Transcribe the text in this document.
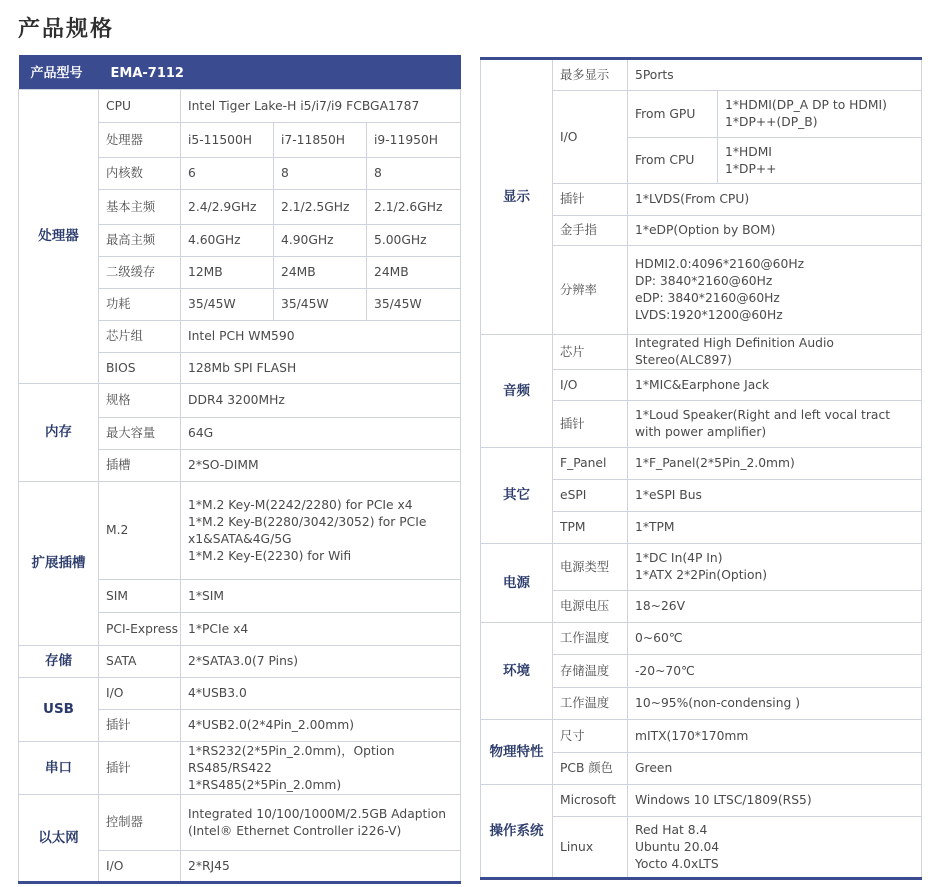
产品规格
产品型号	EMA-7112			
处理器	CPU	Intel Tiger Lake-H i5/i7/i9 FCBGA1787		
	处理器	i5-11500H	i7-11850H	i9-11950H
	内核数	6	8	8
	基本主频	2.4/2.9GHz	2.1/2.5GHz	2.1/2.6GHz
	最高主频	4.60GHz	4.90GHz	5.00GHz
	二级缓存	12MB	24MB	24MB
	功耗	35/45W	35/45W	35/45W
	芯片组	Intel PCH WM590		
	BIOS	128Mb SPI FLASH		
内存	规格	DDR4 3200MHz		
	最大容量	64G		
	插槽	2*SO-DIMM		
扩展插槽	M.2	1*M.2 Key-M(2242/2280) for PCIe x4
1*M.2 Key-B(2280/3042/3052) for PCIe x1&SATA&4G/5G
1*M.2 Key-E(2230) for Wifi		
	SIM	1*SIM		
	PCI-Express	1*PCIe x4		
存储	SATA	2*SATA3.0(7 Pins)		
USB	I/O	4*USB3.0		
	插针	4*USB2.0(2*4Pin_2.00mm)		
串口	插针	1*RS232(2*5Pin_2.0mm)，Option RS485/RS422
1*RS485(2*5Pin_2.0mm)		
以太网	控制器	Integrated 10/100/1000M/2.5GB Adaption
(Intel® Ethernet Controller i226-V)		
	I/O	2*RJ45		
显示	最多显示	5Ports	
	I/O	From GPU	1*HDMI(DP_A DP to HDMI)
1*DP++(DP_B)
		From CPU	1*HDMI
1*DP++
	插针	1*LVDS(From CPU)	
	金手指	1*eDP(Option by BOM)	
	分辨率	HDMI2.0:4096*2160@60Hz
DP: 3840*2160@60Hz
eDP: 3840*2160@60Hz
LVDS:1920*1200@60Hz	
音频	芯片	Integrated High Definition Audio Stereo(ALC897)	
	I/O	1*MIC&Earphone Jack	
	插针	1*Loud Speaker(Right and left vocal tract
with power amplifier)	
其它	F_Panel	1*F_Panel(2*5Pin_2.0mm)	
	eSPI	1*eSPI Bus	
	TPM	1*TPM	
电源	电源类型	1*DC In(4P In)
1*ATX 2*2Pin(Option)	
	电源电压	18~26V	
环境	工作温度	0~60℃	
	存储温度	-20~70℃	
	工作温度	10~95%(non-condensing )	
物理特性	尺寸	mITX(170*170mm	
	PCB 颜色	Green	
操作系统	Microsoft	Windows 10 LTSC/1809(RS5)	
	Linux	Red Hat 8.4
Ubuntu 20.04
Yocto 4.0xLTS	
